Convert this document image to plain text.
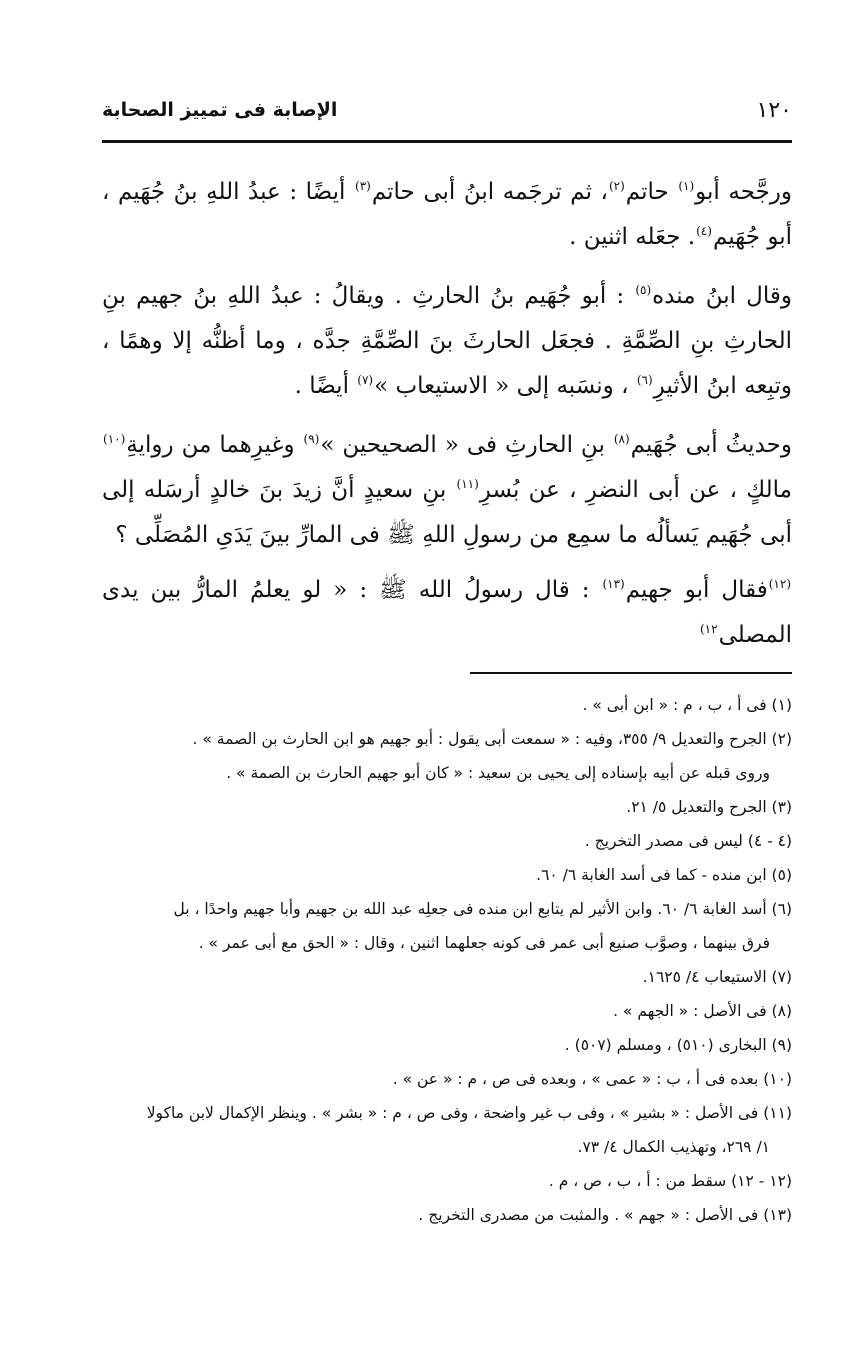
١٢٠
الإصابة فى تمييز الصحابة

ورجَّحه أبو$^{(١)}$ حاتم$^{(٢)}$، ثم ترجَمه ابنُ أبى حاتم$^{(٣)}$ أيضًا : عبدُ اللهِ بنُ جُهَيم ، أبو جُهَيم$^{(٤)}$. جعَله اثنين .

وقال ابنُ منده$^{(٥)}$ : أبو جُهَيم بنُ الحارثِ . ويقالُ : عبدُ اللهِ بنُ جهيم بنِ الحارثِ بنِ الصِّمَّةِ . فجعَل الحارثَ بنَ الصِّمَّةِ جدَّه ، وما أظنُّه إلا وهمًا ، وتبِعه ابنُ الأثيرِ$^{(٦)}$ ، ونسَبه إلى « الاستيعاب »$^{(٧)}$ أيضًا .

وحديثُ أبى جُهَيم$^{(٨)}$ بنِ الحارثِ فى « الصحيحين »$^{(٩)}$ وغيرِهما من روايةِ$^{(١٠)}$ مالكٍ ، عن أبى النضرِ ، عن بُسرِ$^{(١١)}$ بنِ سعيدٍ أنَّ زيدَ بنَ خالدٍ أرسَله إلى أبى جُهَيم يَسألُه ما سمِع من رسولِ اللهِ ﷺ فى المارِّ بينَ يَدَىِ المُصَلِّى ؟

$^{(١٢)}$فقال أبو جهيم$^{(١٣)}$ : قال رسولُ الله ﷺ : « لو يعلمُ المارُّ بين يدى المصلى$^{١٢)}$

(١) فى أ ، ب ، م : « ابن أبى » .

(٢) الجرح والتعديل ٩/ ٣٥٥، وفيه : « سمعت أبى يقول : أبو جهيم هو ابن الحارث بن الصمة » .

وروى قبله عن أبيه بإسناده إلى يحيى بن سعيد : « كان أبو جهيم الحارث بن الصمة » .

(٣) الجرح والتعديل ٥/ ٢١.

(٤ - ٤) ليس فى مصدر التخريج .

(٥) ابن منده - كما فى أسد الغابة ٦/ ٦٠.

(٦) أسد الغابة ٦/ ٦٠. وابن الأثير لم يتابع ابن منده فى جعلِه عبد الله بن جهيم وأبا جهيم واحدًا ، بل

فرق بينهما ، وصوَّب صنيع أبى عمر فى كونه جعلهما اثنين ، وقال : « الحق مع أبى عمر » .

(٧) الاستيعاب ٤/ ١٦٢٥.

(٨) فى الأصل : « الجهم » .

(٩) البخارى (٥١٠) ، ومسلم (٥٠٧) .

(١٠) بعده فى أ ، ب : « عمى » ، وبعده فى ص ، م : « عن » .

(١١) فى الأصل : « بشير » ، وفى ب غير واضحة ، وفى ص ، م : « بشر » . وينظر الإكمال لابن ماكولا

١/ ٢٦٩، وتهذيب الكمال ٤/ ٧٣.

(١٢ - ١٢) سقط من : أ ، ب ، ص ، م .

(١٣) فى الأصل : « جهم » . والمثبت من مصدرى التخريج .
